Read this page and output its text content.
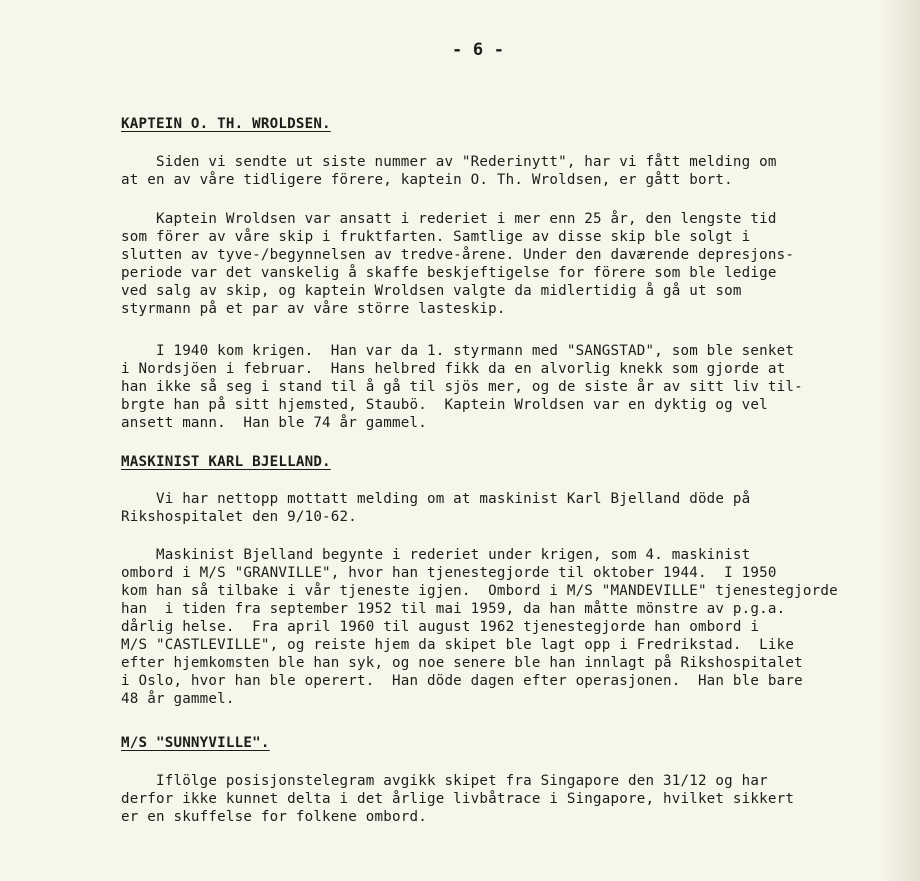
- 6 -
KAPTEIN O. TH. WROLDSEN.
Siden vi sendte ut siste nummer av "Rederinytt", har vi fått melding om
at en av våre tidligere förere, kaptein O. Th. Wroldsen, er gått bort.
Kaptein Wroldsen var ansatt i rederiet i mer enn 25 år, den lengste tid
som förer av våre skip i fruktfarten. Samtlige av disse skip ble solgt i
slutten av tyve-/begynnelsen av tredve-årene. Under den daværende depresjons-
periode var det vanskelig å skaffe beskjeftigelse for förere som ble ledige
ved salg av skip, og kaptein Wroldsen valgte da midlertidig å gå ut som
styrmann på et par av våre större lasteskip.
I 1940 kom krigen.  Han var da 1. styrmann med "SANGSTAD", som ble senket
i Nordsjöen i februar.  Hans helbred fikk da en alvorlig knekk som gjorde at
han ikke så seg i stand til å gå til sjös mer, og de siste år av sitt liv til-
brgte han på sitt hjemsted, Staubö.  Kaptein Wroldsen var en dyktig og vel
ansett mann.  Han ble 74 år gammel.
MASKINIST KARL BJELLAND.
Vi har nettopp mottatt melding om at maskinist Karl Bjelland döde på
Rikshospitalet den 9/10-62.
Maskinist Bjelland begynte i rederiet under krigen, som 4. maskinist
ombord i M/S "GRANVILLE", hvor han tjenestegjorde til oktober 1944.  I 1950
kom han så tilbake i vår tjeneste igjen.  Ombord i M/S "MANDEVILLE" tjenestegjorde
han  i tiden fra september 1952 til mai 1959, da han måtte mönstre av p.g.a.
dårlig helse.  Fra april 1960 til august 1962 tjenestegjorde han ombord i
M/S "CASTLEVILLE", og reiste hjem da skipet ble lagt opp i Fredrikstad.  Like
efter hjemkomsten ble han syk, og noe senere ble han innlagt på Rikshospitalet
i Oslo, hvor han ble operert.  Han döde dagen efter operasjonen.  Han ble bare
48 år gammel.
M/S "SUNNYVILLE".
Iflölge posisjonstelegram avgikk skipet fra Singapore den 31/12 og har
derfor ikke kunnet delta i det årlige livbåtrace i Singapore, hvilket sikkert
er en skuffelse for folkene ombord.
